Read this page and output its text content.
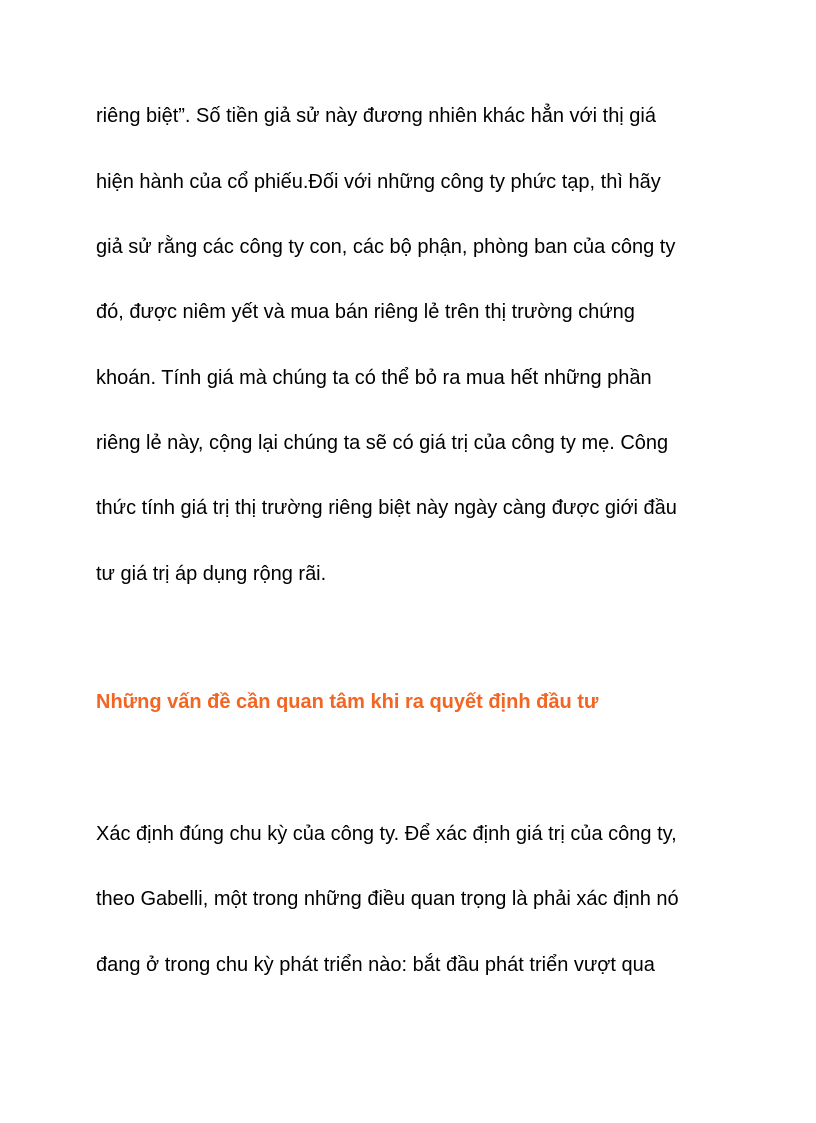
riêng biệt”. Số tiền giả sử này đương nhiên khác hẳn với thị giá
hiện hành của cổ phiếu.Đối với những công ty phức tạp, thì hãy
giả sử rằng các công ty con, các bộ phận, phòng ban của công ty
đó, được niêm yết và mua bán riêng lẻ trên thị trường chứng
khoán. Tính giá mà chúng ta có thể bỏ ra mua hết những phần
riêng lẻ này, cộng lại chúng ta sẽ có giá trị của công ty mẹ. Công
thức tính giá trị thị trường riêng biệt này ngày càng được giới đầu
tư giá trị áp dụng rộng rãi.
Những vấn đề cần quan tâm khi ra quyết định đầu tư
Xác định đúng chu kỳ của công ty. Để xác định giá trị của công ty,
theo Gabelli, một trong những điều quan trọng là phải xác định nó
đang ở trong chu kỳ phát triển nào: bắt đầu phát triển vượt qua
